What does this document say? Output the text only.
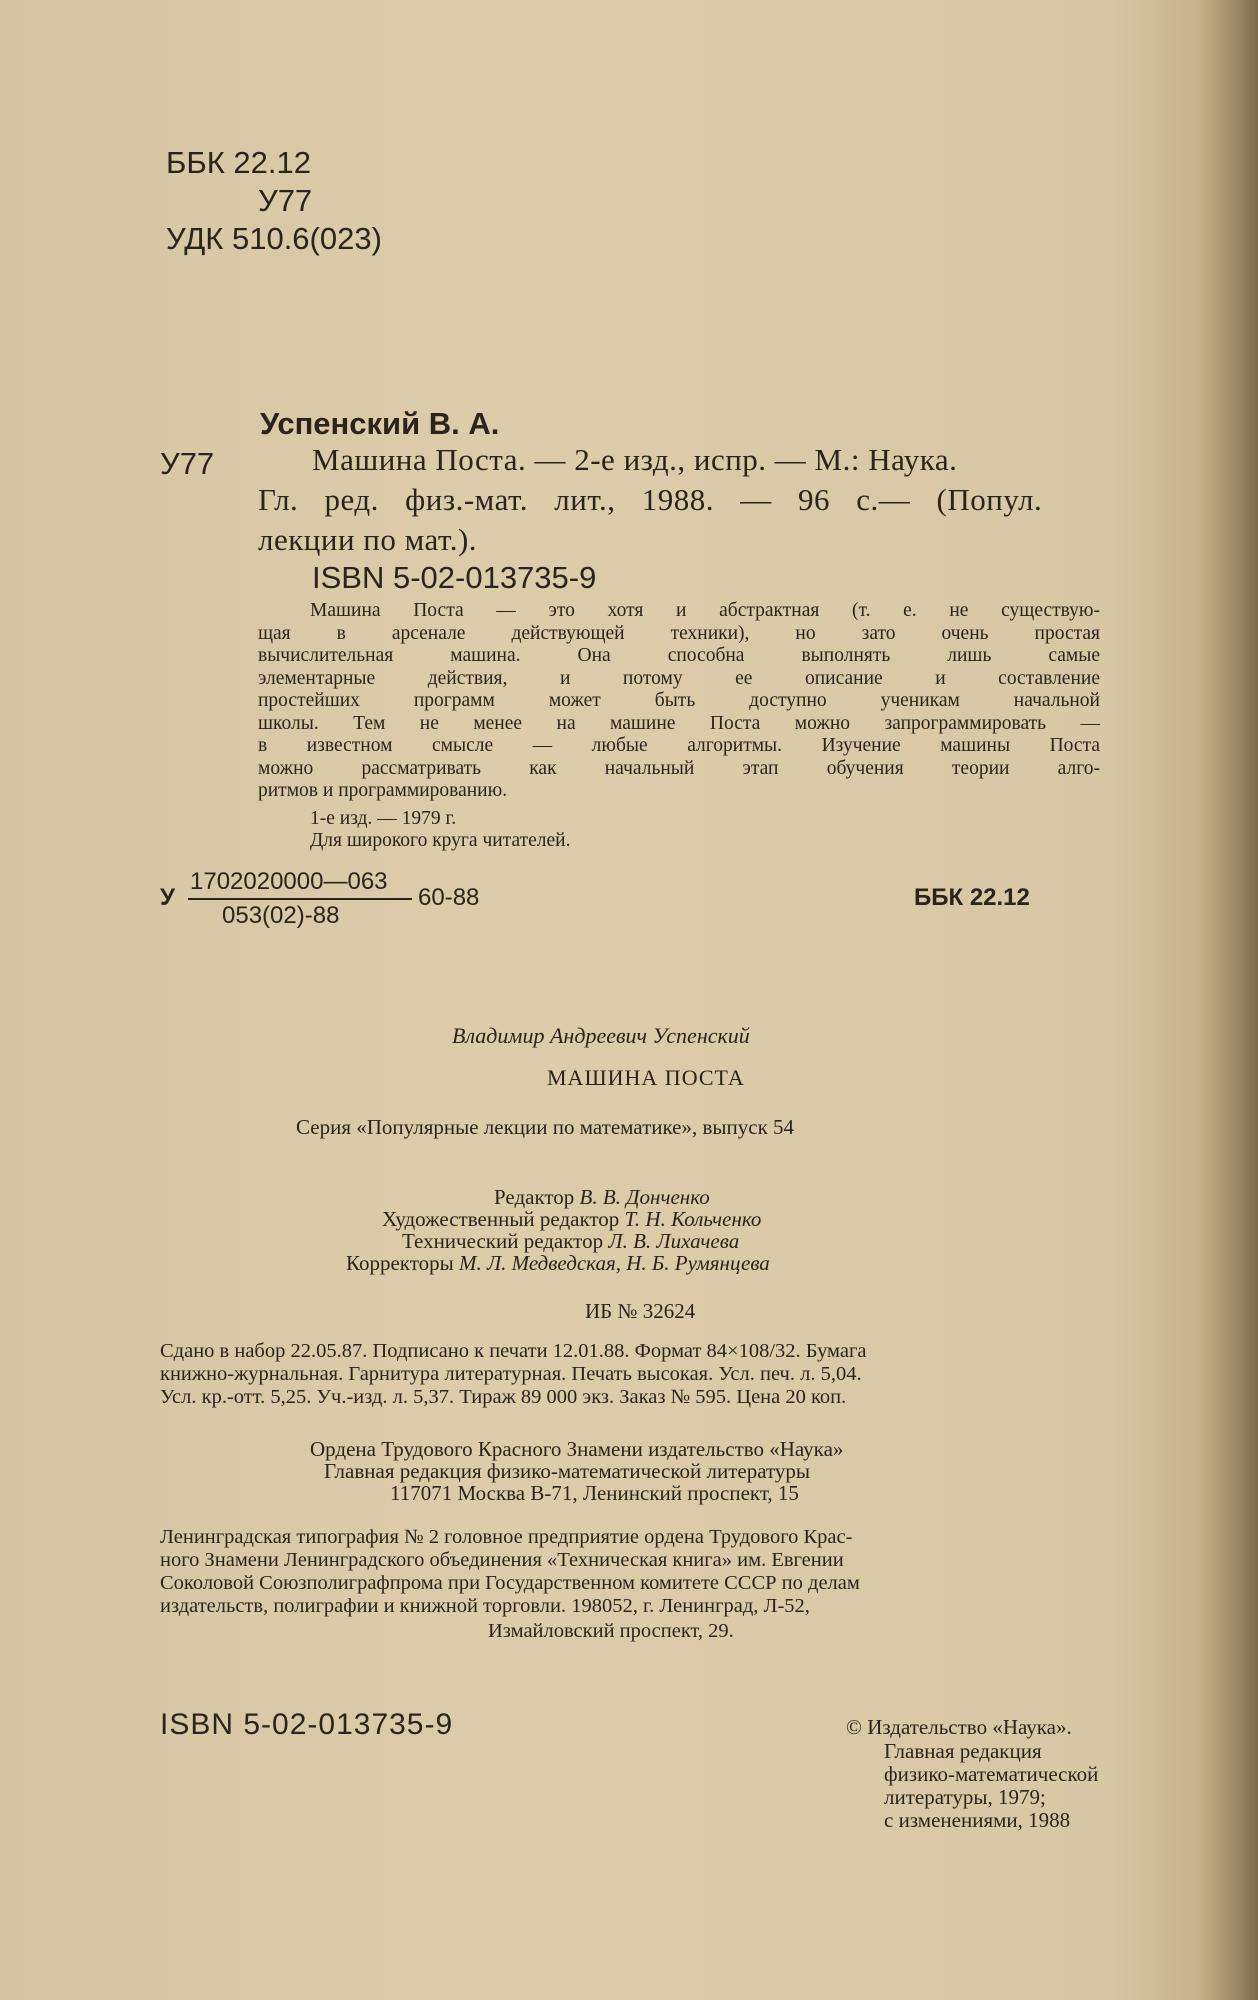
ББК 22.12
У77
УДК 510.6(023)
Успенский В. А.
У77	Машина Поста. — 2-е изд., испр. — М.: Наука.
Гл. ред. физ.-мат. лит., 1988. — 96 с.— (Попул.
лекции по мат.).
ISBN 5-02-013735-9

Машина Поста — это хотя и абстрактная (т. е. не существую-

щая в арсенале действующей техники), но зато очень простая

вычислительная машина. Она способна выполнять лишь самые

элементарные действия, и потому ее описание и составление

простейших программ может быть доступно ученикам начальной

школы. Тем не менее на машине Поста можно запрограммировать —

в известном смысле — любые алгоритмы. Изучение машины Поста

можно рассматривать как начальный этап обучения теории алго-

ритмов и программированию.

1-е изд. — 1979 г.
Для широкого круга читателей.
У
1702020000—063
053(02)-88
60-88	ББК 22.12
Владимир Андреевич Успенский
МАШИНА ПОСТА
Серия «Популярные лекции по математике», выпуск 54
Редактор В. В. Донченко
Художественный редактор Т. Н. Кольченко
Технический редактор Л. В. Лихачева
Корректоры М. Л. Медведская, Н. Б. Румянцева
ИБ № 32624
Сдано в набор 22.05.87. Подписано к печати 12.01.88. Формат 84×108/32. Бумага
книжно-журнальная. Гарнитура литературная. Печать высокая. Усл. печ. л. 5,04.
Усл. кр.-отт. 5,25. Уч.-изд. л. 5,37. Тираж 89 000 экз. Заказ № 595. Цена 20 коп.
Ордена Трудового Красного Знамени издательство «Наука»
Главная редакция физико-математической литературы
117071 Москва В-71, Ленинский проспект, 15
Ленинградская типография № 2 головное предприятие ордена Трудового Крас-
ного Знамени Ленинградского объединения «Техническая книга» им. Евгении
Соколовой Союзполиграфпрома при Государственном комитете СССР по делам
издательств, полиграфии и книжной торговли. 198052, г. Ленинград, Л-52,
Измайловский проспект, 29.
ISBN 5-02-013735-9	© Издательство «Наука».
Главная редакция
физико-математической
литературы, 1979;
с изменениями, 1988
